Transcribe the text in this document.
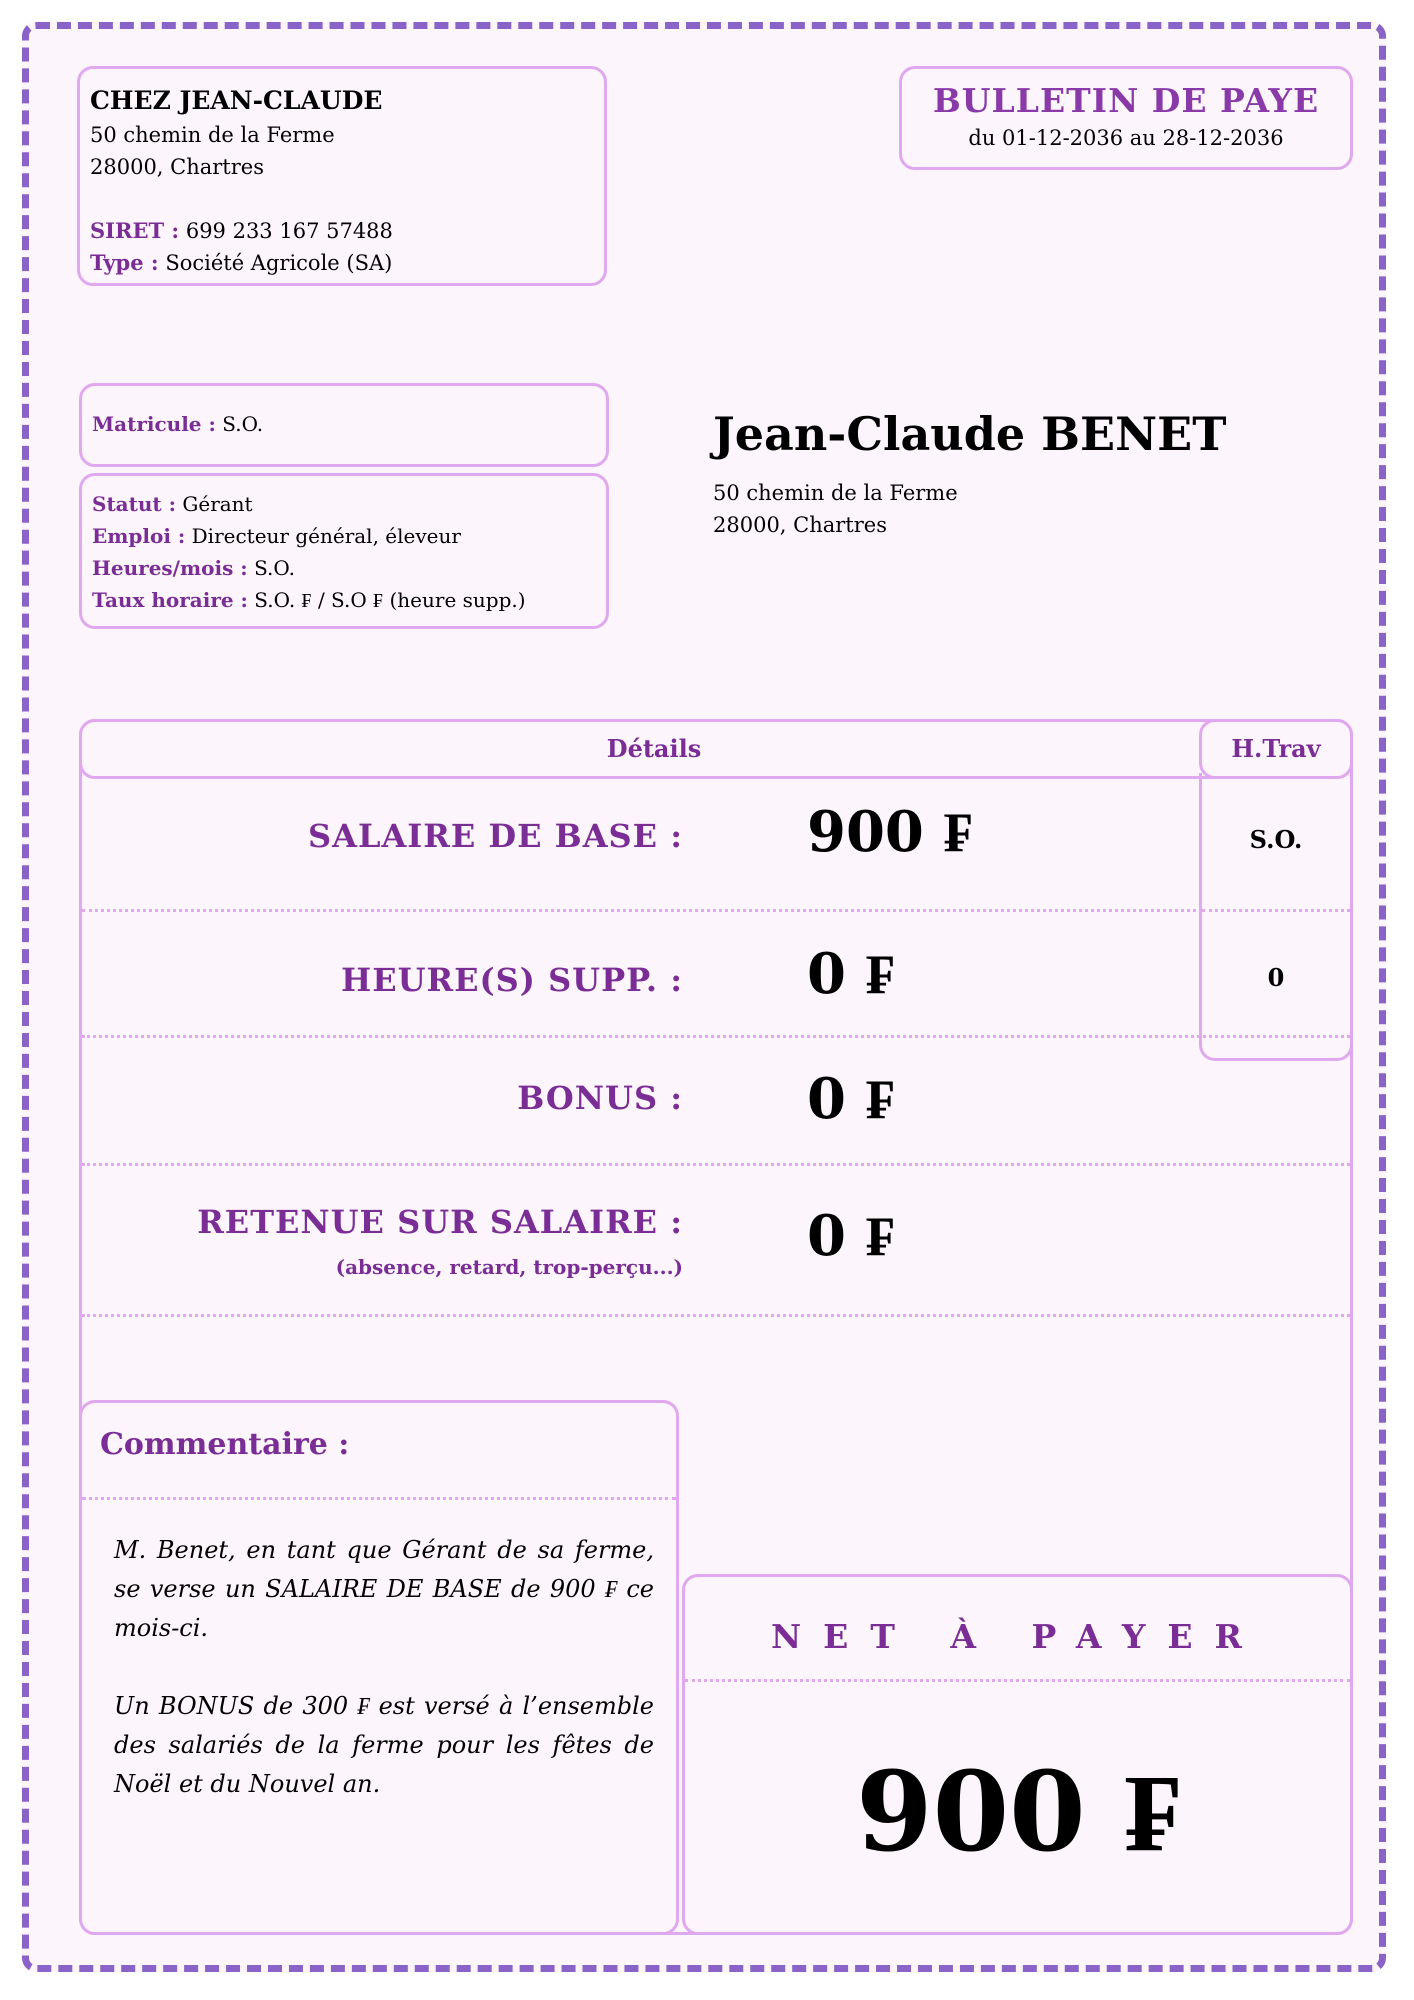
CHEZ JEAN-CLAUDE
50 chemin de la Ferme
28000, Chartres
SIRET : 699 233 167 57488
Type : Société Agricole (SA)
BULLETIN DE PAYE
du 01-12-2036 au 28-12-2036
Matricule : S.O.
Statut : Gérant
Emploi : Directeur général, éleveur
Heures/mois : S.O.
Taux horaire : S.O. ₣ / S.O ₣ (heure supp.)
Jean-Claude BENET
50 chemin de la Ferme
28000, Chartres
Détails	H.Trav
SALAIRE DE BASE : 900 ₣	S.O.
HEURE(S) SUPP. : 0 ₣	0
BONUS : 0 ₣
RETENUE SUR SALAIRE :
(absence, retard, trop-perçu...) 0 ₣
Commentaire :

M. Benet, en tant que Gérant de sa ferme, se verse un SALAIRE DE BASE de 900 ₣ ce mois-ci.

Un BONUS de 300 ₣ est versé à l’ensemble des salariés de la ferme pour les fêtes de Noël et du Nouvel an.

NET À PAYER
900 ₣
